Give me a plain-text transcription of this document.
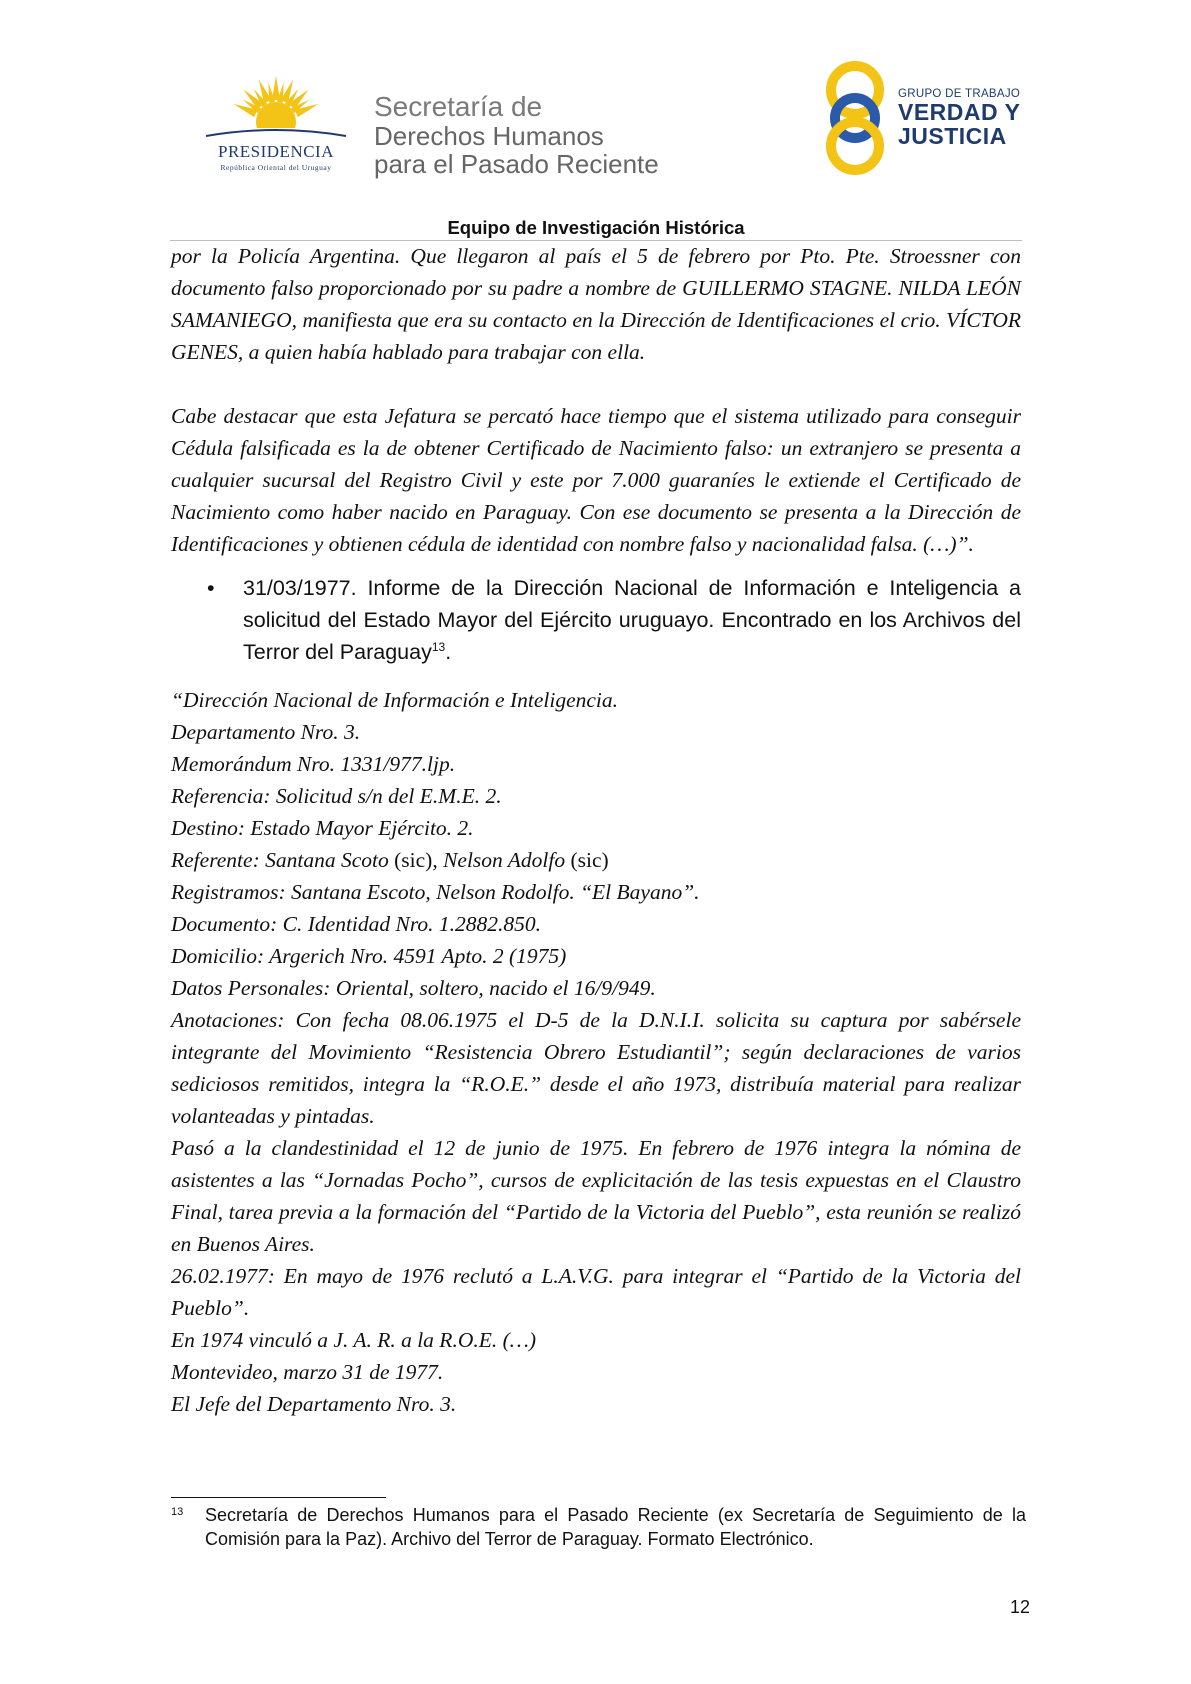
PRESIDENCIA
República Oriental del Uruguay
Secretaría de
Derechos Humanos
para el Pasado Reciente
GRUPO DE TRABAJO
VERDAD Y
JUSTICIA
Equipo de Investigación Histórica

por la Policía Argentina. Que llegaron al país el 5 de febrero por Pto. Pte. Stroessner con documento falso proporcionado por su padre a nombre de GUILLERMO STAGNE. NILDA LEÓN SAMANIEGO, manifiesta que era su contacto en la Dirección de Identificaciones el crio. VÍCTOR GENES, a quien había hablado para trabajar con ella.

Cabe destacar que esta Jefatura se percató hace tiempo que el sistema utilizado para conseguir Cédula falsificada es la de obtener Certificado de Nacimiento falso: un extranjero se presenta a cualquier sucursal del Registro Civil y este por 7.000 guaraníes le extiende el Certificado de Nacimiento como haber nacido en Paraguay. Con ese documento se presenta a la Dirección de Identificaciones y obtienen cédula de identidad con nombre falso y nacionalidad falsa. (…)”.

• 31/03/1977. Informe de la Dirección Nacional de Información e Inteligencia a solicitud del Estado Mayor del Ejército uruguayo. Encontrado en los Archivos del Terror del Paraguay$^{13}$.
“Dirección Nacional de Información e Inteligencia.
Departamento Nro. 3.
Memorándum Nro. 1331/977.ljp.
Referencia: Solicitud s/n del E.M.E. 2.
Destino: Estado Mayor Ejército. 2.
Referente: Santana Scoto (sic), Nelson Adolfo (sic)
Registramos: Santana Escoto, Nelson Rodolfo. “El Bayano”.
Documento: C. Identidad Nro. 1.2882.850.
Domicilio: Argerich Nro. 4591 Apto. 2 (1975)
Datos Personales: Oriental, soltero, nacido el 16/9/949.
Anotaciones: Con fecha 08.06.1975 el D-5 de la D.N.I.I. solicita su captura por sabérsele integrante del Movimiento “Resistencia Obrero Estudiantil”; según declaraciones de varios sediciosos remitidos, integra la “R.O.E.” desde el año 1973, distribuía material para realizar volanteadas y pintadas.
Pasó a la clandestinidad el 12 de junio de 1975. En febrero de 1976 integra la nómina de asistentes a las “Jornadas Pocho”, cursos de explicitación de las tesis expuestas en el Claustro Final, tarea previa a la formación del “Partido de la Victoria del Pueblo”, esta reunión se realizó en Buenos Aires.
26.02.1977: En mayo de 1976 reclutó a L.A.V.G. para integrar el “Partido de la Victoria del Pueblo”.
En 1974 vinculó a J. A. R. a la R.O.E. (…)
Montevideo, marzo 31 de 1977.
El Jefe del Departamento Nro. 3.
13	Secretaría de Derechos Humanos para el Pasado Reciente (ex Secretaría de Seguimiento de la Comisión para la Paz). Archivo del Terror de Paraguay. Formato Electrónico.
12
